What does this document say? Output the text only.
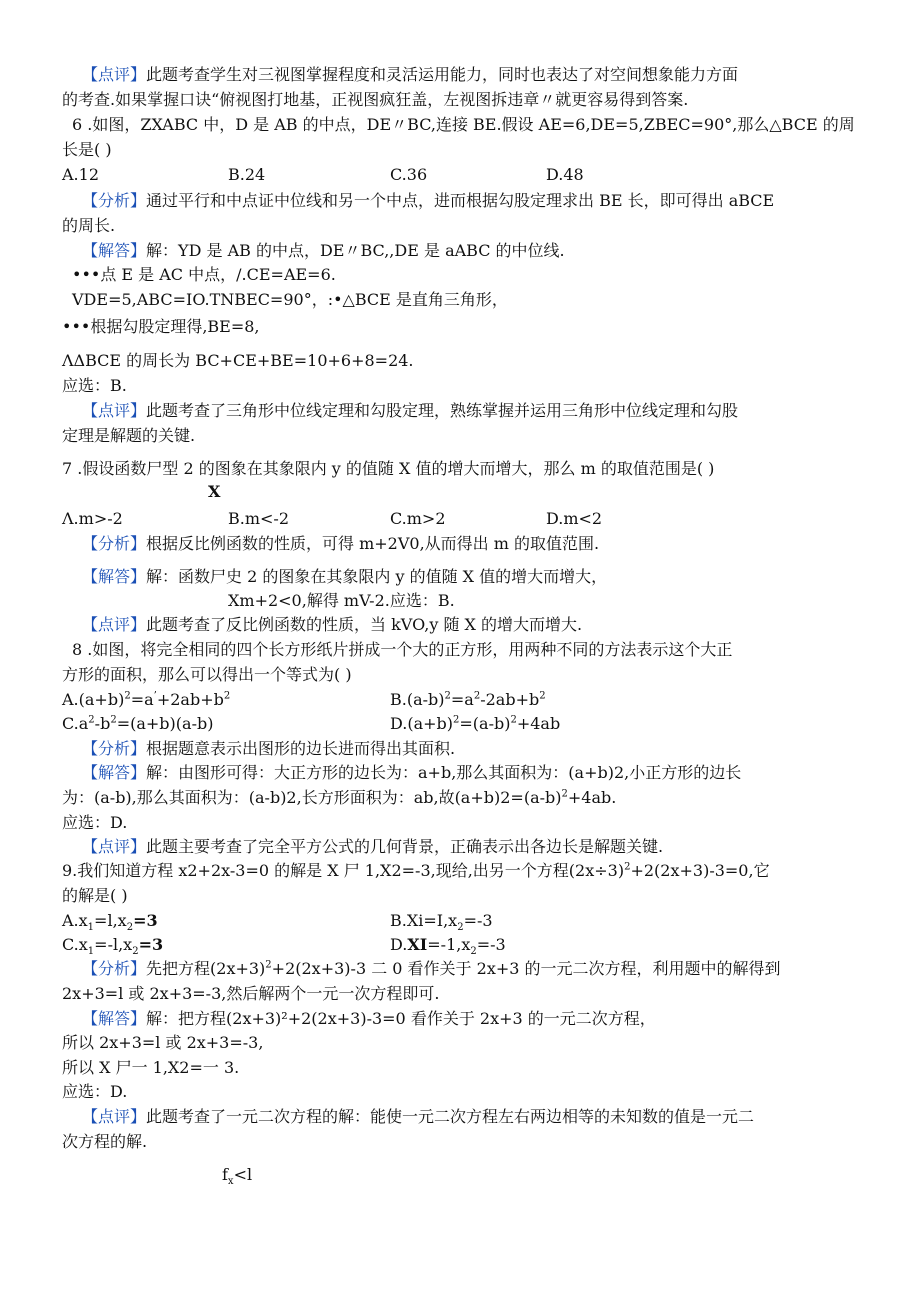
【点评】此题考查学生对三视图掌握程度和灵活运用能力，同时也表达了对空间想象能力方面
的考查.如果掌握口诀“俯视图打地基，正视图疯狂盖，左视图拆违章〃就更容易得到答案.
6 .如图，ZXABC 中，D 是 AB 的中点，DE〃BC,连接 BE.假设 AE=6,DE=5,ZBEC=90°,那么△BCE 的周
长是( )
A.12	B.24	C.36	D.48
【分析】通过平行和中点证中位线和另一个中点，进而根据勾股定理求出 BE 长，即可得出 aBCE
的周长.
【解答】解：YD 是 AB 的中点，DE〃BC,,DE 是 aABC 的中位线.
•••点 E 是 AC 中点，/.CE=AE=6.
VDE=5,ABC=IO.TNBEC=90°，:•△BCE 是直角三角形，
•••根据勾股定理得,BE=8,
ΛΔBCE 的周长为 BC+CE+BE=10+6+8=24.
应选：B.
【点评】此题考查了三角形中位线定理和勾股定理，熟练掌握并运用三角形中位线定理和勾股
定理是解题的关键.
7 .假设函数尸型 2 的图象在其象限内 y 的值随 X 值的增大而增大，那么 m 的取值范围是( )
X
Λ.m>-2	B.m<-2	C.m>2	D.m<2
【分析】根据反比例函数的性质，可得 m+2V0,从而得出 m 的取值范围.
【解答】解：函数尸史 2 的图象在其象限内 y 的值随 X 值的增大而增大，
Xm+2<0,解得 mV-2.应选：B.
【点评】此题考查了反比例函数的性质，当 kVO,y 随 X 的增大而增大.
8 .如图，将完全相同的四个长方形纸片拼成一个大的正方形，用两种不同的方法表示这个大正
方形的面积，那么可以得出一个等式为( )
$A.(a+b)^2=a^’+2ab+b^2$	$B.(a-b)^2=a^2-2ab+b^2$
$C.a^2-b^2=(a+b)(a-b)$	$D.(a+b)^2=(a-b)^2+4ab$
【分析】根据题意表示出图形的边长进而得出其面积.
【解答】解：由图形可得：大正方形的边长为：a+b,那么其面积为：(a+b)2,小正方形的边长
为：(a-b),那么其面积为：(a-b)2,长方形面积为：ab,故$(a+b)2=(a-b)^2+4ab$.
应选：D.
【点评】此题主要考查了完全平方公式的几何背景，正确表示出各边长是解题关键.
9.我们知道方程 x2+2x-3=0 的解是 X 尸 1,X2=-3,现给,出另一个方程$(2x\div 3)^2+2(2x+3)-3=0$,它
的解是( )
$A.x_1=l,x_2=3$	$B.Xi=I,x_2=-3$
$C.x_1=-l,x_2=3$	$D.XI=-1,x_2=-3$
【分析】先把方程$(2x+3)^2+2(2x+3)-3$ 二 0 看作关于 2x+3 的一元二次方程，利用题中的解得到
2x+3=l 或 2x+3=-3,然后解两个一元一次方程即可.
【解答】解：把方程(2x+3)²+2(2x+3)-3=0 看作关于 2x+3 的一元二次方程，
所以 2x+3=l 或 2x+3=-3,
所以 X 尸一 1,X2=一 3.
应选：D.
【点评】此题考查了一元二次方程的解：能使一元二次方程左右两边相等的未知数的值是一元二
次方程的解.
$f_x<l$
